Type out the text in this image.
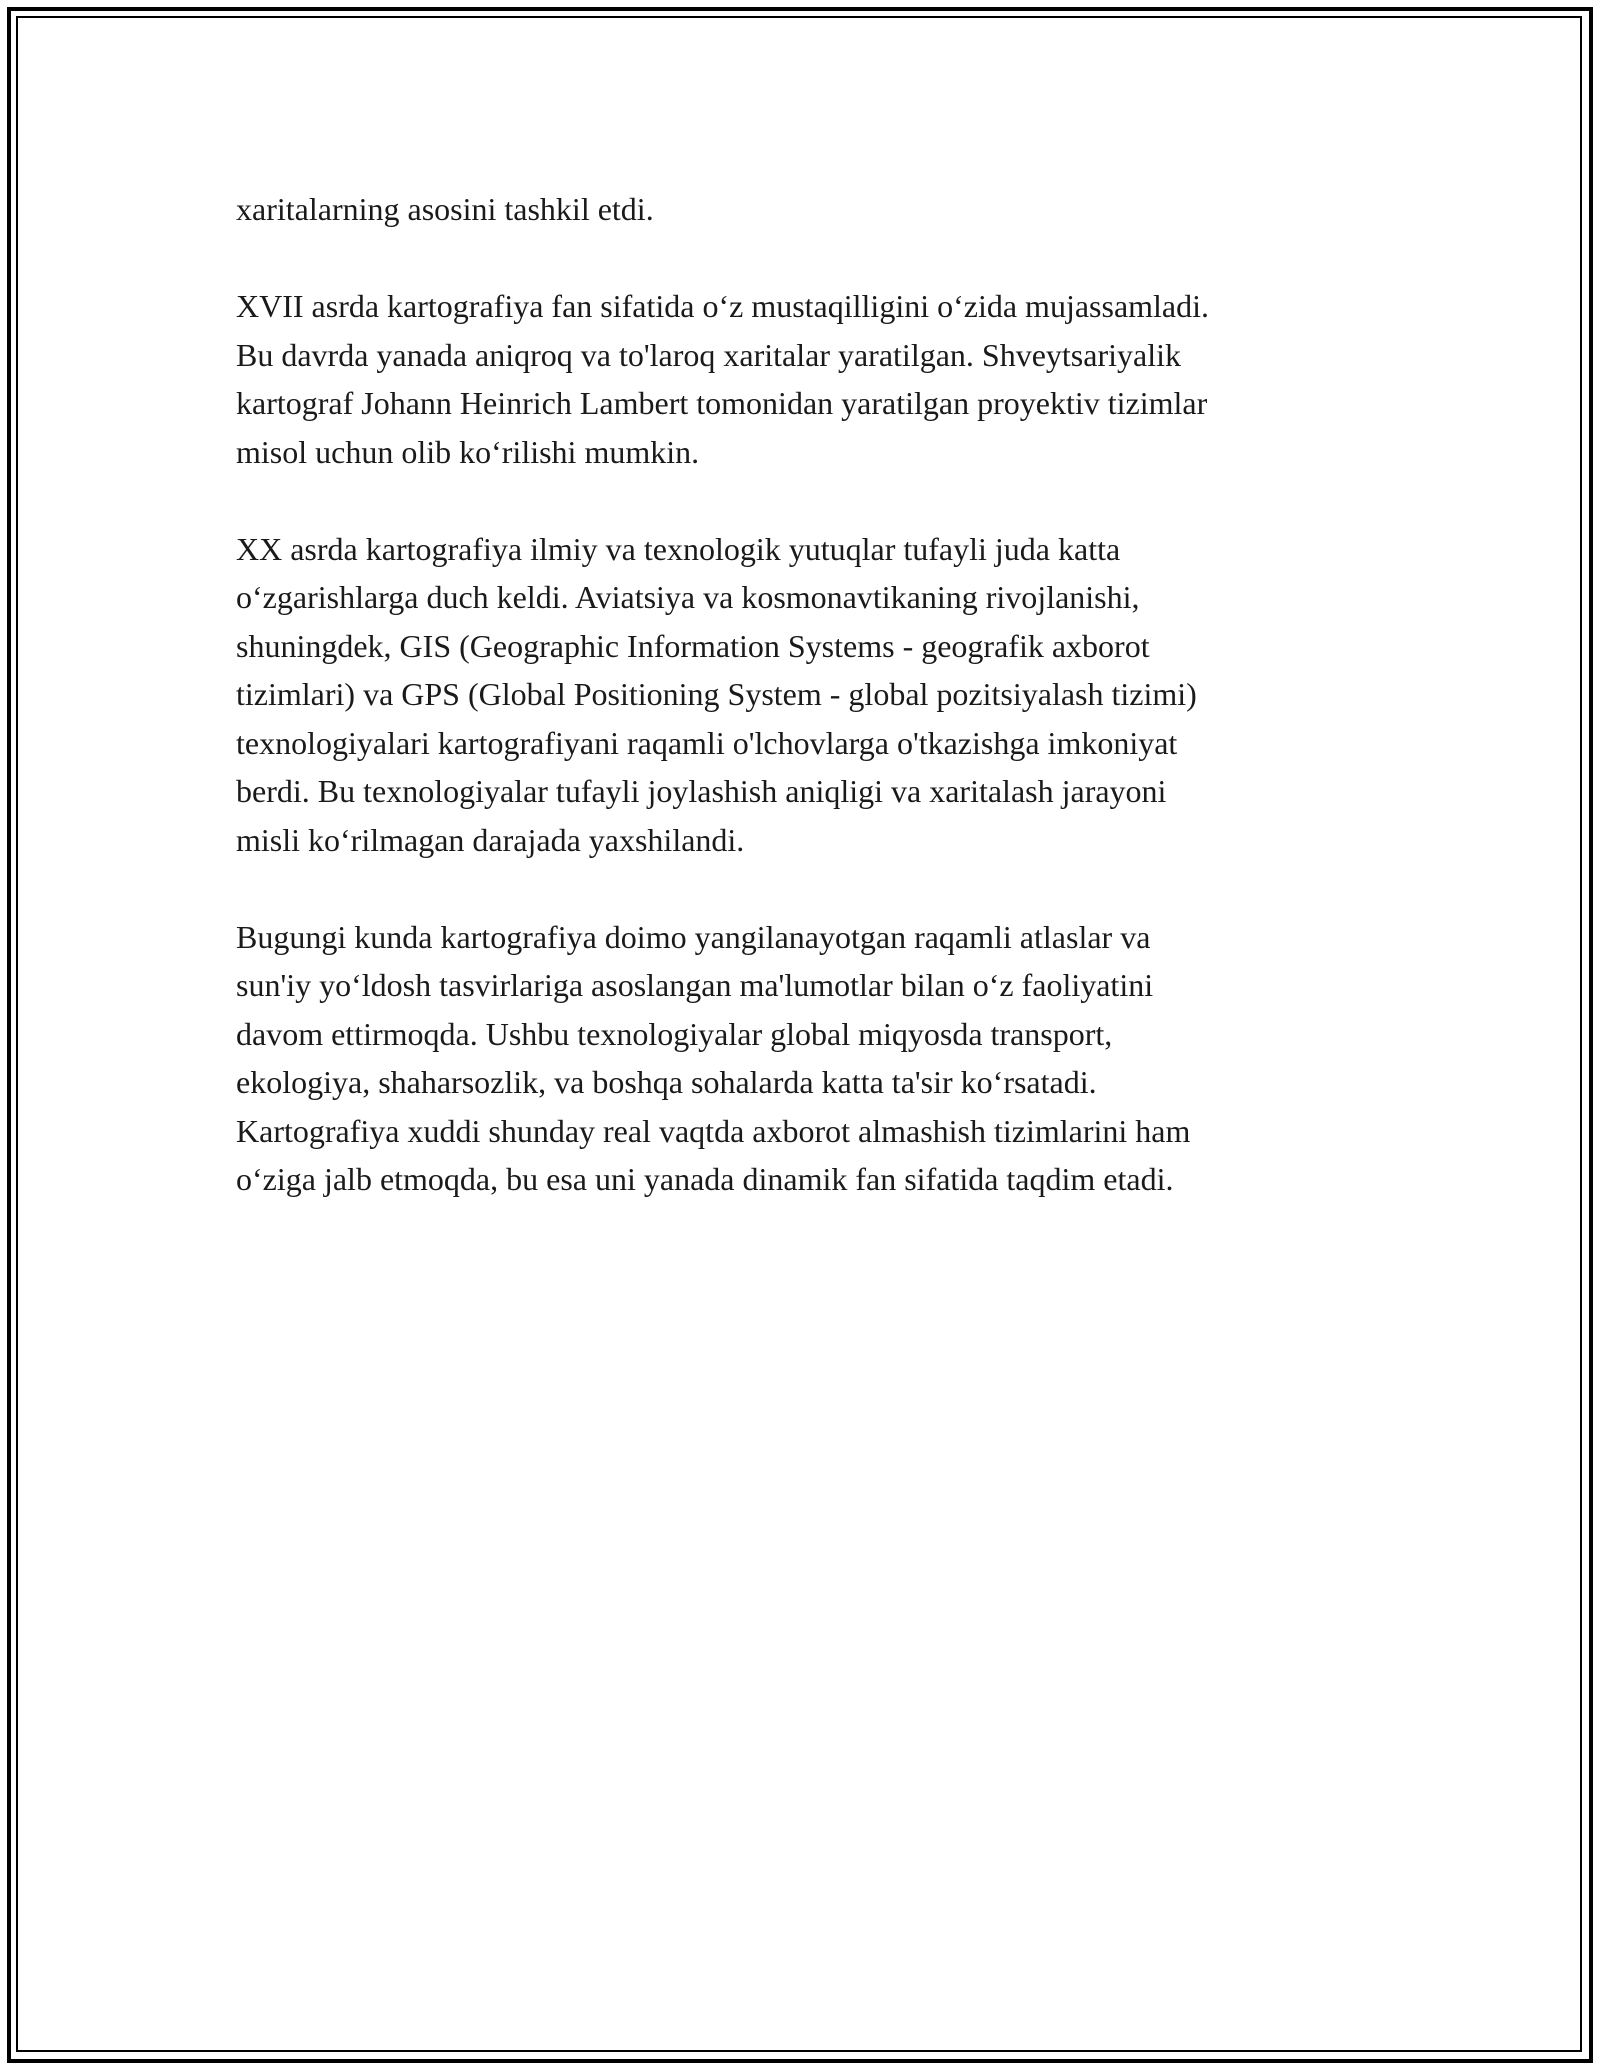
xaritalarning asosini tashkil etdi.

XVII asrda kartografiya fan sifatida o‘z mustaqilligini o‘zida mujassamladi.
Bu davrda yanada aniqroq va to'laroq xaritalar yaratilgan. Shveytsariyalik
kartograf Johann Heinrich Lambert tomonidan yaratilgan proyektiv tizimlar
misol uchun olib ko‘rilishi mumkin.

XX asrda kartografiya ilmiy va texnologik yutuqlar tufayli juda katta
o‘zgarishlarga duch keldi. Aviatsiya va kosmonavtikaning rivojlanishi,
shuningdek, GIS (Geographic Information Systems - geografik axborot
tizimlari) va GPS (Global Positioning System - global pozitsiyalash tizimi)
texnologiyalari kartografiyani raqamli o'lchovlarga o'tkazishga imkoniyat
berdi. Bu texnologiyalar tufayli joylashish aniqligi va xaritalash jarayoni
misli ko‘rilmagan darajada yaxshilandi.

Bugungi kunda kartografiya doimo yangilanayotgan raqamli atlaslar va
sun'iy yo‘ldosh tasvirlariga asoslangan ma'lumotlar bilan o‘z faoliyatini
davom ettirmoqda. Ushbu texnologiyalar global miqyosda transport,
ekologiya, shaharsozlik, va boshqa sohalarda katta ta'sir ko‘rsatadi.
Kartografiya xuddi shunday real vaqtda axborot almashish tizimlarini ham
o‘ziga jalb etmoqda, bu esa uni yanada dinamik fan sifatida taqdim etadi.
